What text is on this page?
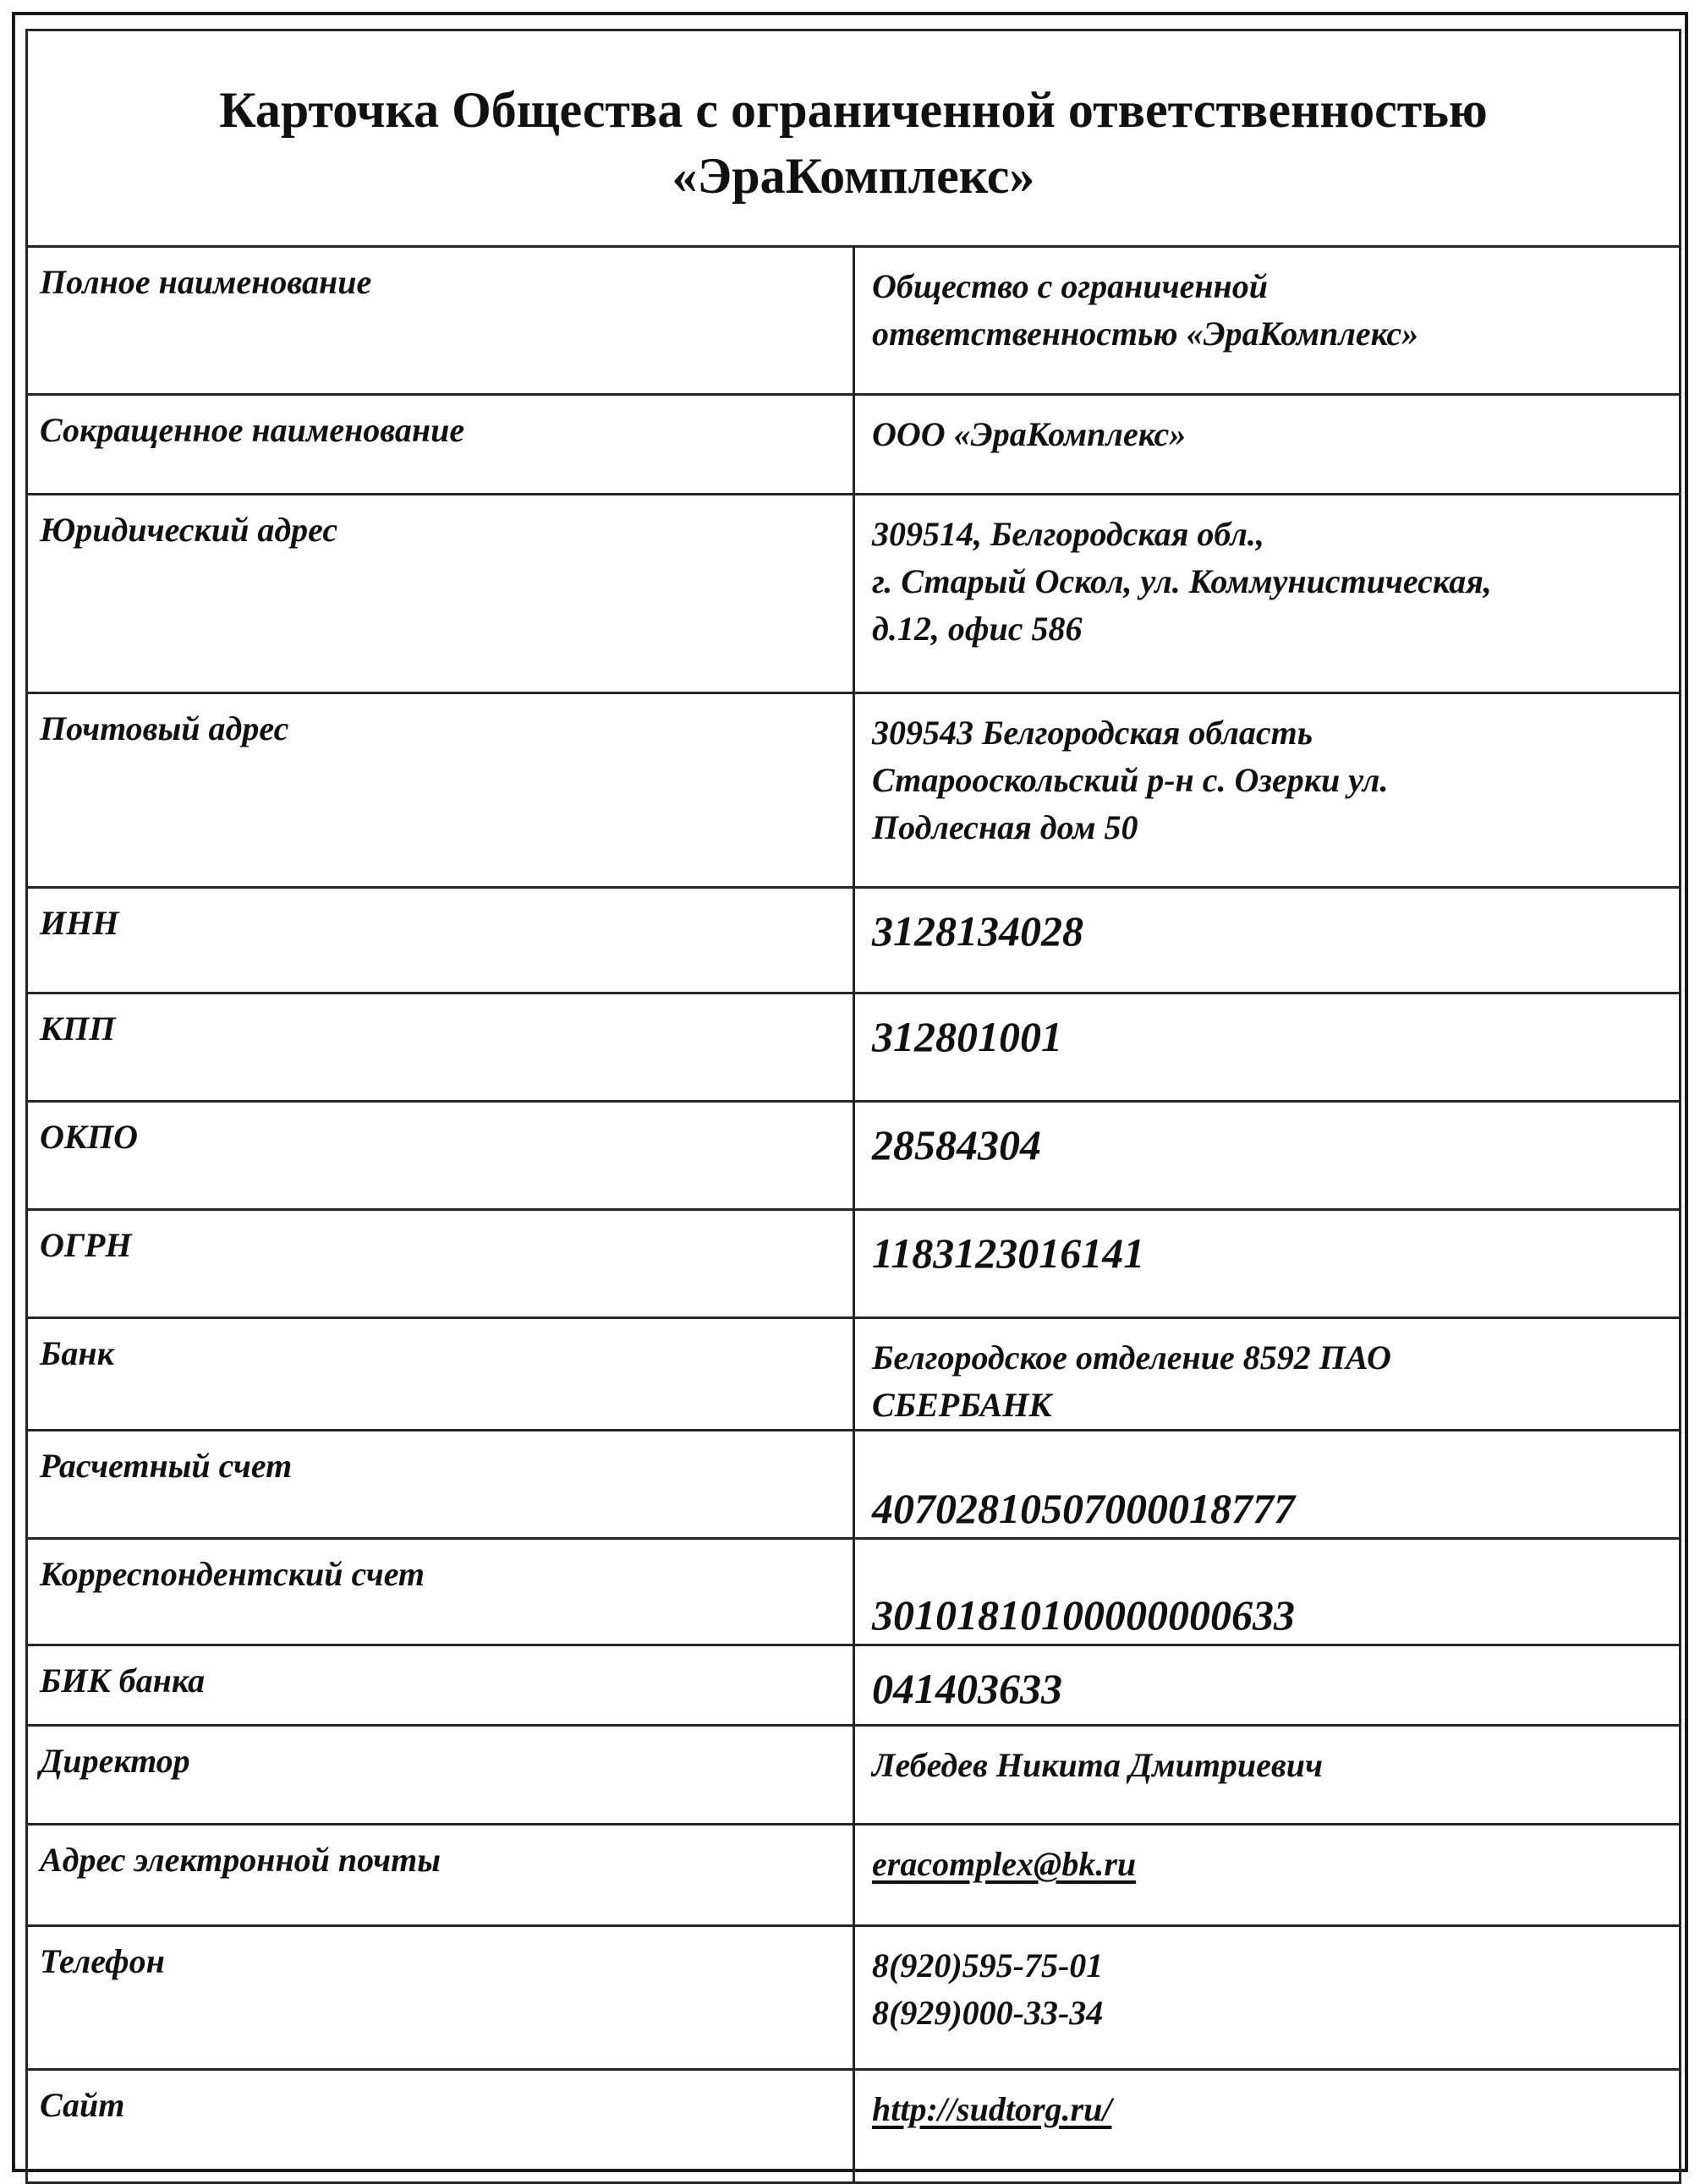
Карточка Общества с ограниченной ответственностью
«ЭраКомплекс»	

Полное наименование	Общество с ограниченной
ответственностью «ЭраКомплекс»

Сокращенное наименование	ООО «ЭраКомплекс»
Юридический адрес	309514, Белгородская обл.,
г. Старый Оскол, ул. Коммунистическая,
д.12, офис 586

Почтовый адрес	309543 Белгородская область
Старооскольский р-н с. Озерки ул.
Подлесная дом 50

ИНН	3128134028
КПП	312801001
ОКПО	28584304
ОГРН	1183123016141
Банк	Белгородское отделение 8592 ПАО
СБЕРБАНК

Расчетный счет	40702810507000018777
Корреспондентский счет	30101810100000000633
БИК банка	041403633
Директор	Лебедев Никита Дмитриевич
Адрес электронной почты	eracomplex@bk.ru
Телефон	8(920)595-75-01
8(929)000-33-34

Сайт	http://sudtorg.ru/
